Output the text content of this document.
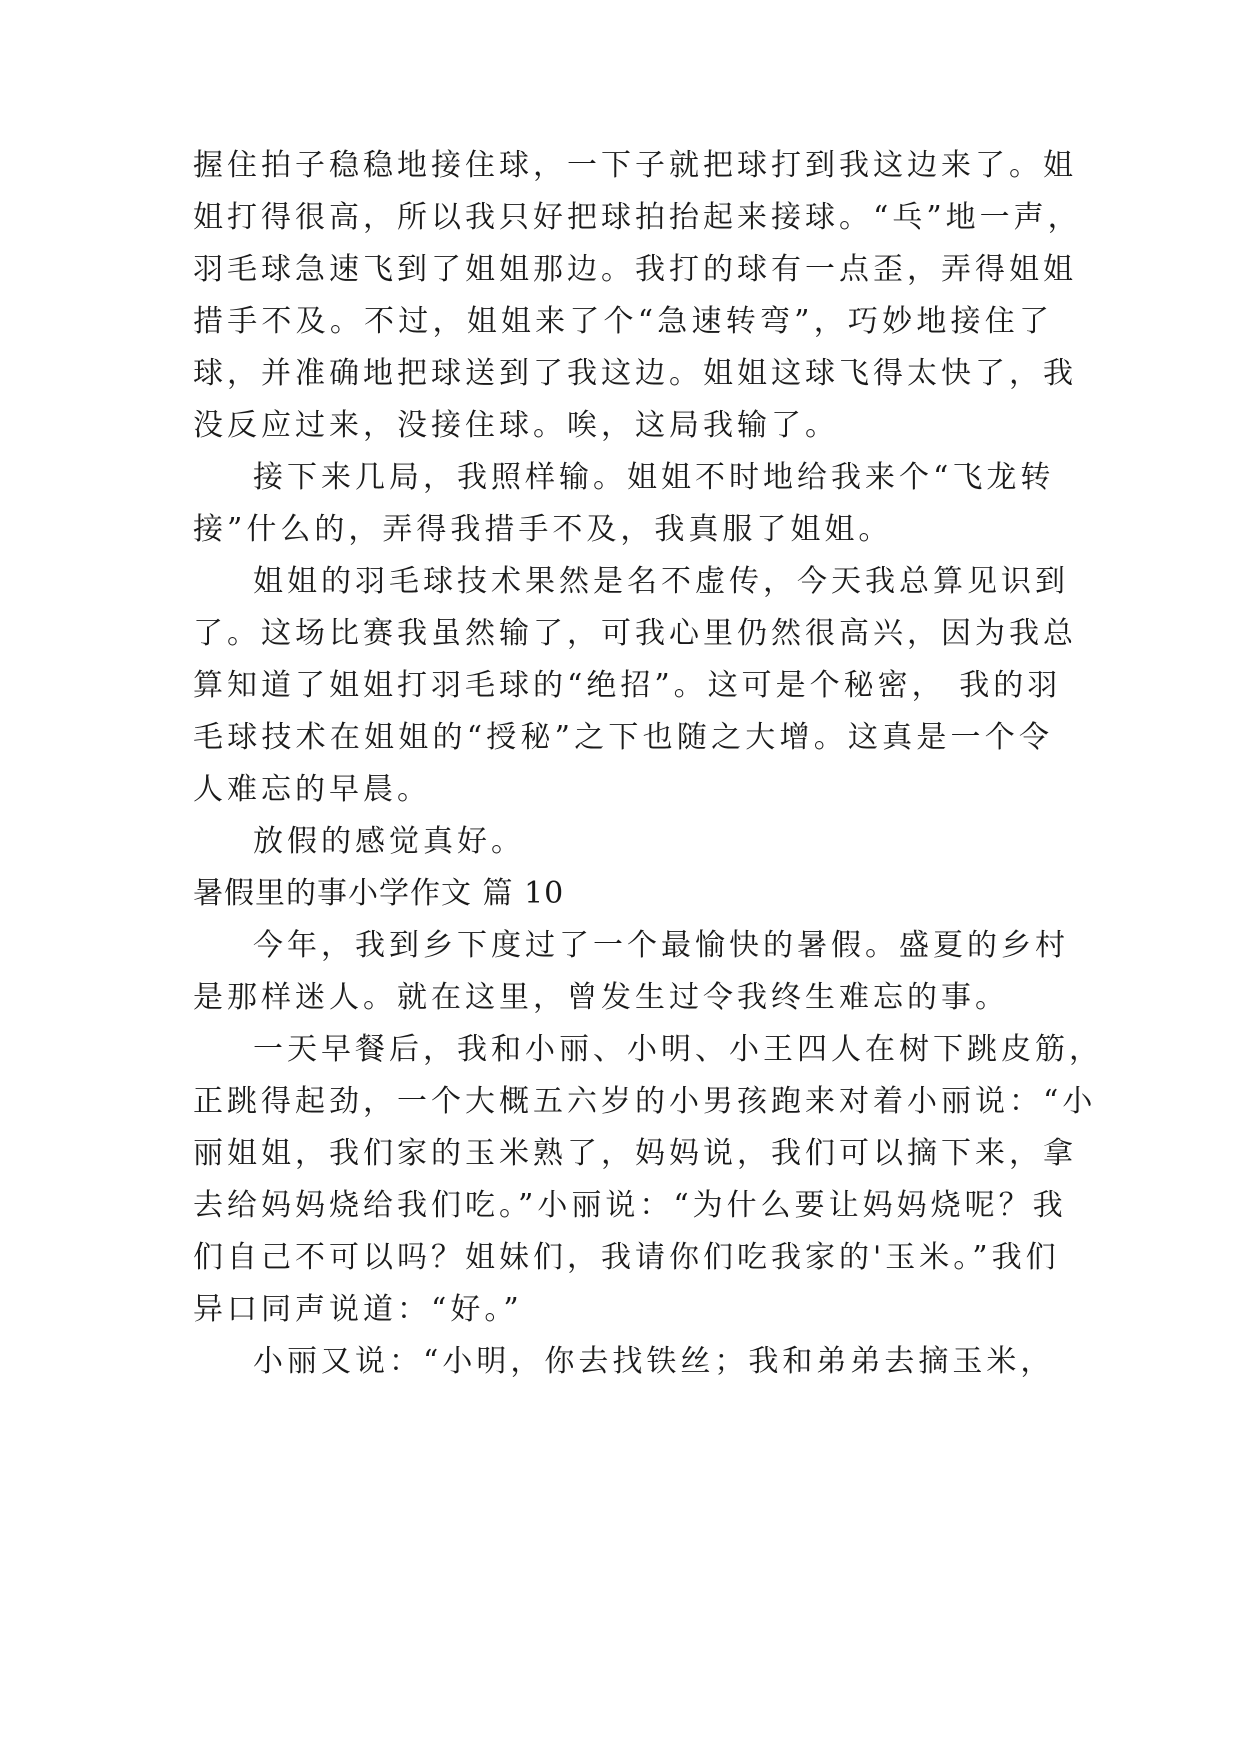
握住拍子稳稳地接住球，一下子就把球打到我这边来了。姐
姐打得很高，所以我只好把球拍抬起来接球。“乓”地一声，
羽毛球急速飞到了姐姐那边。我打的球有一点歪，弄得姐姐
措手不及。不过，姐姐来了个“急速转弯”，巧妙地接住了
球，并准确地把球送到了我这边。姐姐这球飞得太快了，我
没反应过来，没接住球。唉，这局我输了。
接下来几局，我照样输。姐姐不时地给我来个“飞龙转
接”什么的，弄得我措手不及，我真服了姐姐。
姐姐的羽毛球技术果然是名不虚传，今天我总算见识到
了。这场比赛我虽然输了，可我心里仍然很高兴，因为我总
算知道了姐姐打羽毛球的“绝招”。这可是个秘密， 我的羽
毛球技术在姐姐的“授秘”之下也随之大增。这真是一个令
人难忘的早晨。
放假的感觉真好。
暑假里的事小学作文 篇 10
今年，我到乡下度过了一个最愉快的暑假。盛夏的乡村
是那样迷人。就在这里，曾发生过令我终生难忘的事。
一天早餐后，我和小丽、小明、小王四人在树下跳皮筋，
正跳得起劲，一个大概五六岁的小男孩跑来对着小丽说：“小
丽姐姐，我们家的玉米熟了，妈妈说，我们可以摘下来，拿
去给妈妈烧给我们吃。”小丽说：“为什么要让妈妈烧呢？我
们自己不可以吗？姐妹们，我请你们吃我家的'玉米。”我们
异口同声说道：“好。”
小丽又说：“小明，你去找铁丝；我和弟弟去摘玉米，
